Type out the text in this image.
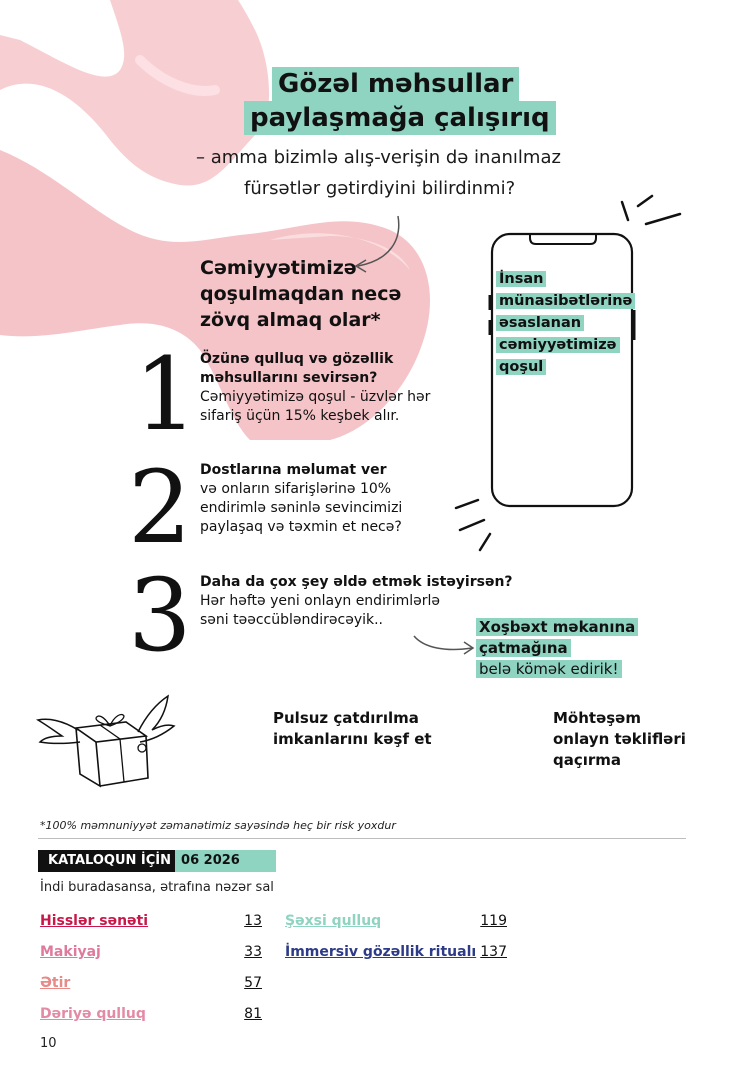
Gözəl məhsullar
paylaşmağa çalışırıq
– amma bizimlə alış-verişin də inanılmaz
fürsətlər gətirdiyini bilirdinmi?
Cəmiyyətimizə
qoşulmaqdan necə
zövq almaq olar*
1 Özünə qulluq və gözəllik
məhsullarını sevirsən?
Cəmiyyətimizə qoşul - üzvlər hər
sifariş üçün 15% keşbek alır.
2 Dostlarına məlumat ver
və onların sifarişlərinə 10%
endirimlə səninlə sevincimizi
paylaşaq və təxmin et necə?
3 Daha da çox şey əldə etmək istəyirsən?
Hər həftə yeni onlayn endirimlərlə
səni təəccübləndirəcəyik..
İnsan
münasibətlərinə
əsaslanan
cəmiyyətimizə
qoşul
Xoşbəxt məkanına
çatmağına
belə kömək edirik!
Pulsuz çatdırılma
imkanlarını kəşf et
Möhtəşəm
onlayn təklifləri
qaçırma
*100% məmnuniyyət zəmanətimiz sayəsində heç bir risk yoxdur
KATALOQUN İÇİN 06 2026
İndi buradasansa, ətrafına nəzər sal
Hisslər sənəti	13
Makiyaj	33
Ətir	57
Dəriyə qulluq	81
Şəxsi qulluq	119
İmmersiv gözəllik ritualı 137
10
